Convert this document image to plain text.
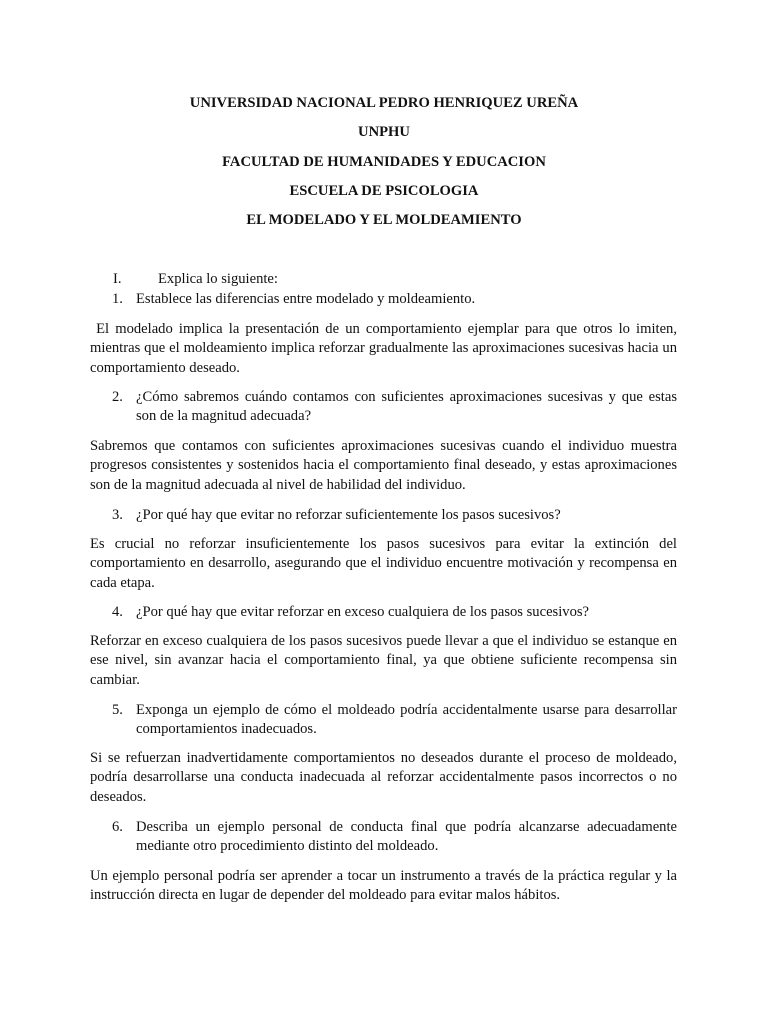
UNIVERSIDAD NACIONAL PEDRO HENRIQUEZ UREÑA
UNPHU
FACULTAD DE HUMANIDADES Y EDUCACION
ESCUELA DE PSICOLOGIA
EL MODELADO Y EL MOLDEAMIENTO
I. Explica lo siguiente:
1. Establece las diferencias entre modelado y moldeamiento.
El modelado implica la presentación de un comportamiento ejemplar para que otros lo imiten, mientras que el moldeamiento implica reforzar gradualmente las aproximaciones sucesivas hacia un comportamiento deseado.
2. ¿Cómo sabremos cuándo contamos con suficientes aproximaciones sucesivas y que estas son de la magnitud adecuada?
Sabremos que contamos con suficientes aproximaciones sucesivas cuando el individuo muestra progresos consistentes y sostenidos hacia el comportamiento final deseado, y estas aproximaciones son de la magnitud adecuada al nivel de habilidad del individuo.
3. ¿Por qué hay que evitar no reforzar suficientemente los pasos sucesivos?
Es crucial no reforzar insuficientemente los pasos sucesivos para evitar la extinción del comportamiento en desarrollo, asegurando que el individuo encuentre motivación y recompensa en cada etapa.
4. ¿Por qué hay que evitar reforzar en exceso cualquiera de los pasos sucesivos?
Reforzar en exceso cualquiera de los pasos sucesivos puede llevar a que el individuo se estanque en ese nivel, sin avanzar hacia el comportamiento final, ya que obtiene suficiente recompensa sin cambiar.
5. Exponga un ejemplo de cómo el moldeado podría accidentalmente usarse para desarrollar comportamientos inadecuados.
Si se refuerzan inadvertidamente comportamientos no deseados durante el proceso de moldeado, podría desarrollarse una conducta inadecuada al reforzar accidentalmente pasos incorrectos o no deseados.
6. Describa un ejemplo personal de conducta final que podría alcanzarse adecuadamente mediante otro procedimiento distinto del moldeado.
Un ejemplo personal podría ser aprender a tocar un instrumento a través de la práctica regular y la instrucción directa en lugar de depender del moldeado para evitar malos hábitos.
